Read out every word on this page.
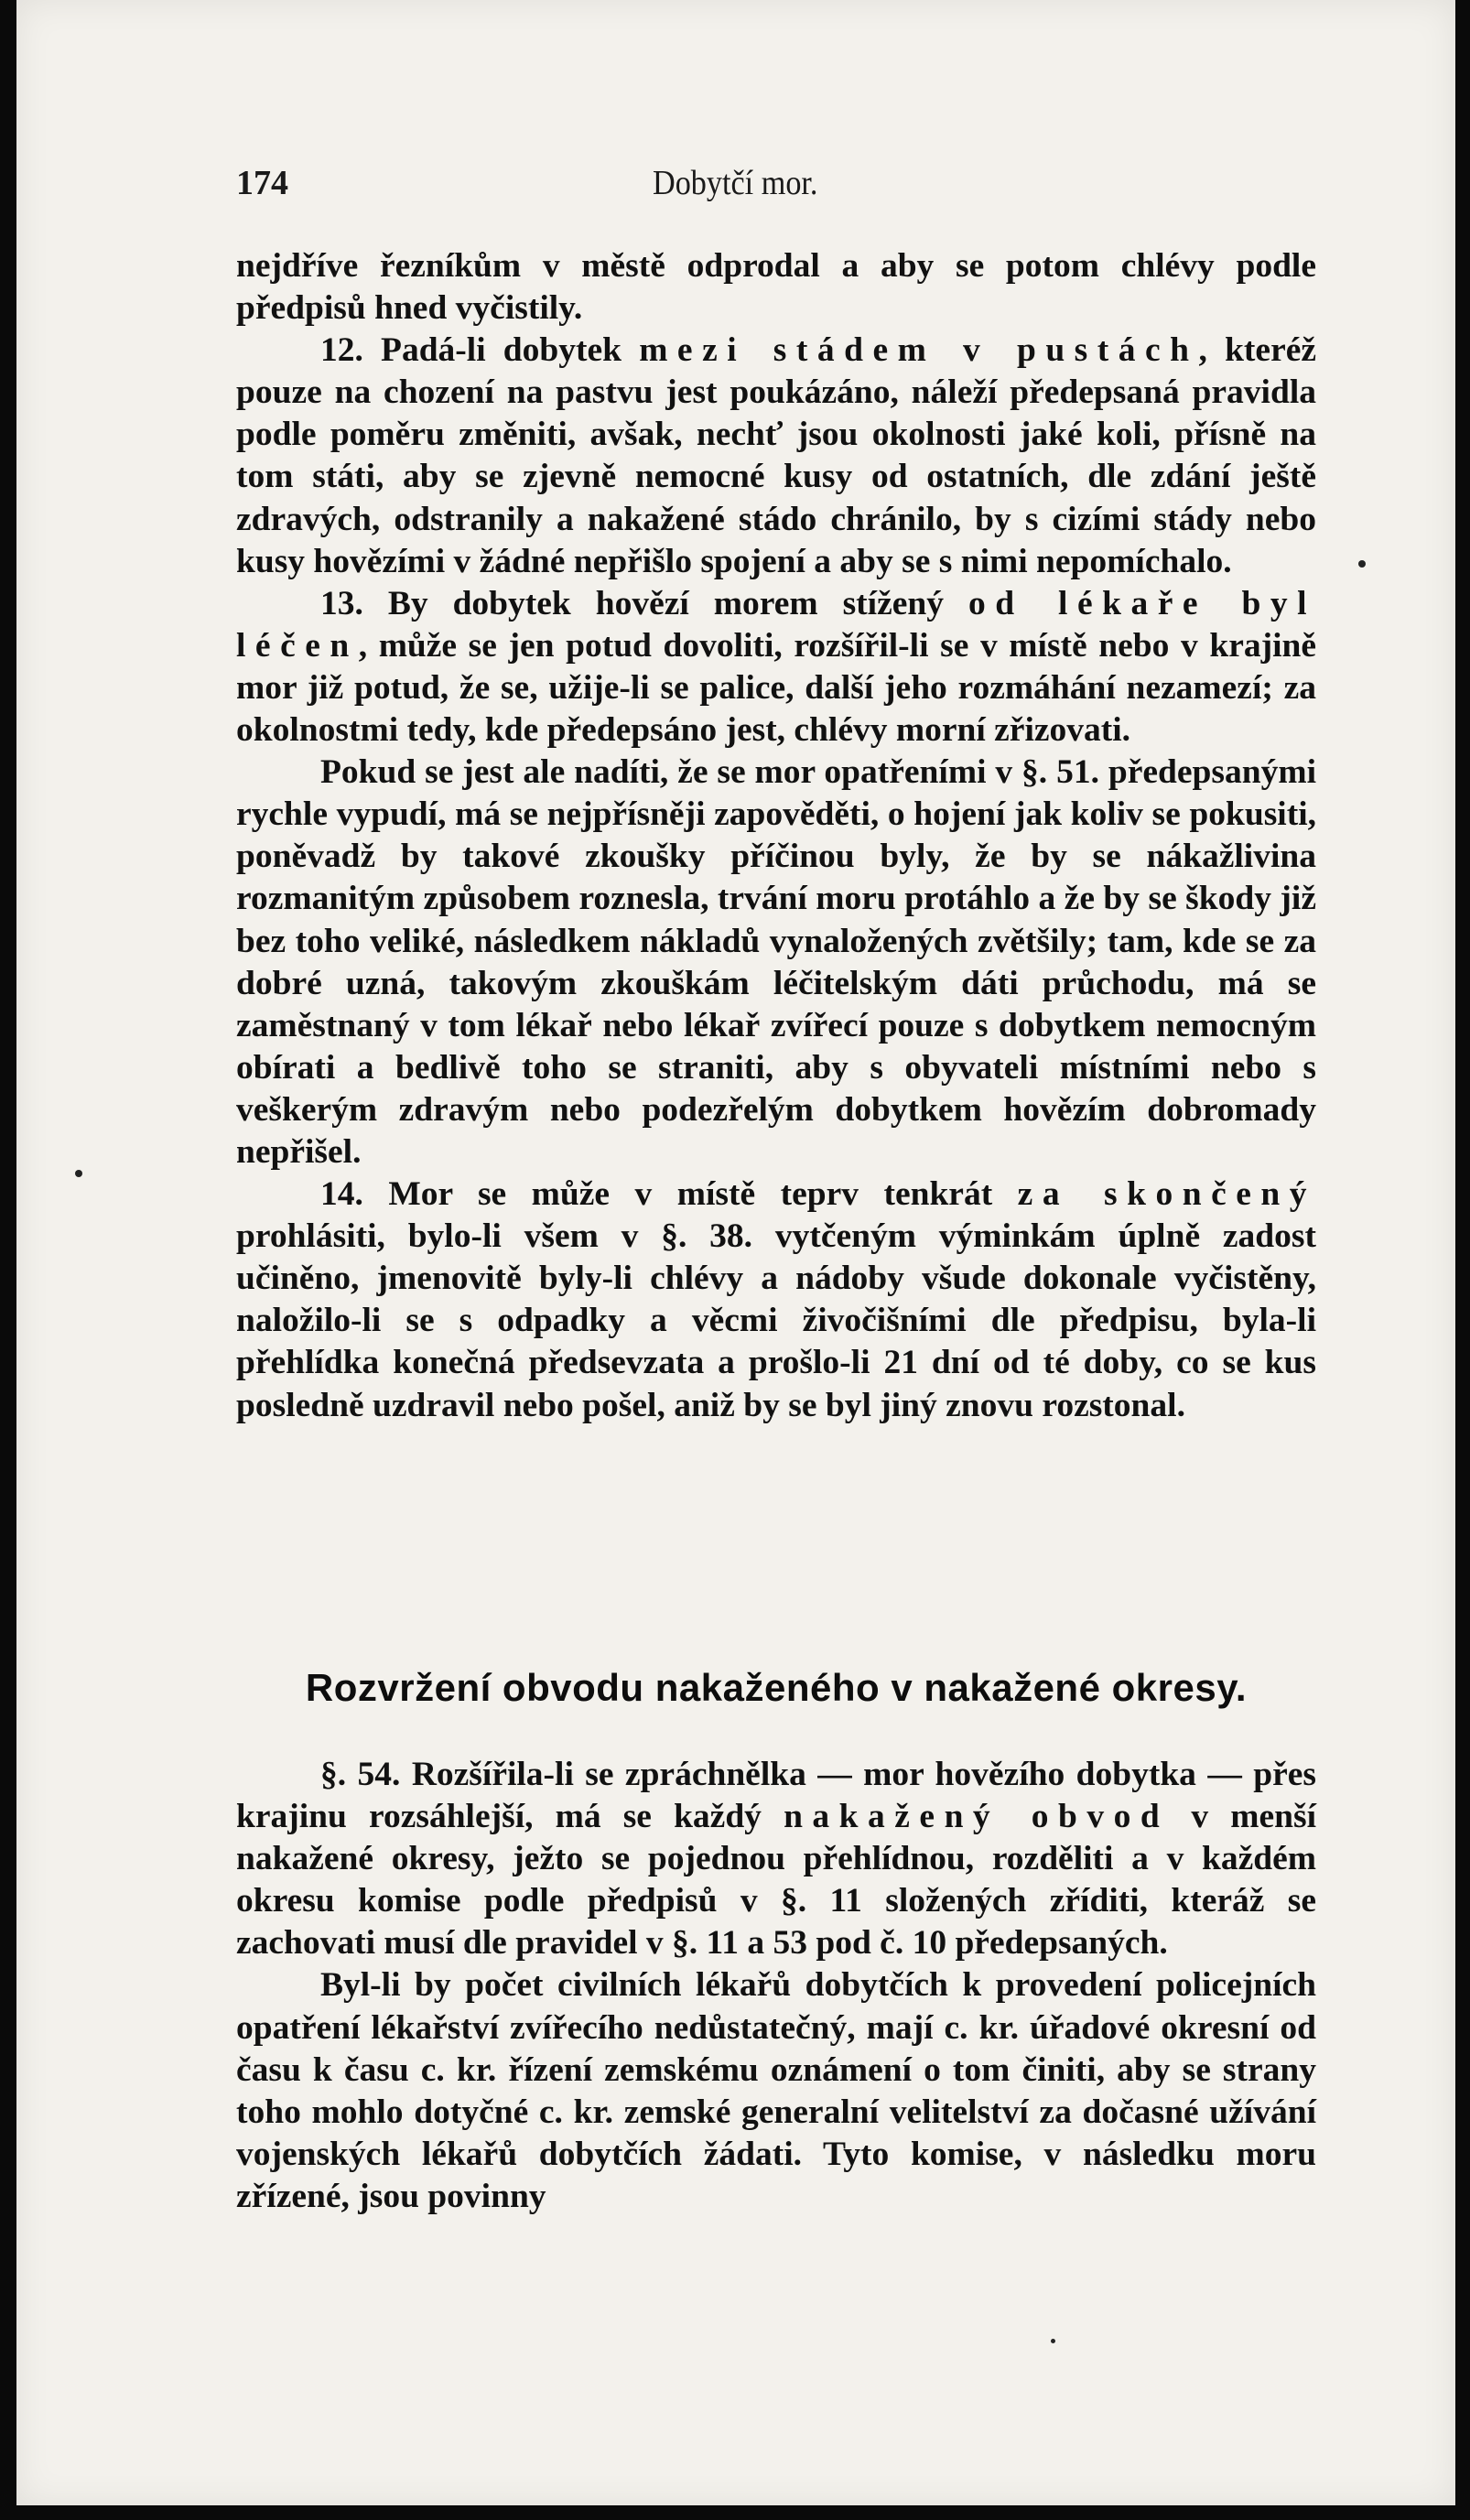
174	Dobytčí mor.

nejdříve řezníkům v městě odprodal a aby se potom chlévy podle předpisů hned vyčistily.

12. Padá-li dobytek mezi stádem v pustách, kteréž pouze na chození na pastvu jest poukázáno, náleží předepsaná pravidla podle poměru změniti, avšak, nechť jsou okolnosti jaké koli, přísně na tom státi, aby se zjevně nemocné kusy od ostatních, dle zdání ještě zdravých, odstranily a nakažené stádo chránilo, by s cizími stády nebo kusy hovězími v žádné nepřišlo spojení a aby se s nimi nepomíchalo.

13. By dobytek hovězí morem stížený od lékaře byl léčen, může se jen potud dovoliti, rozšířil-li se v místě nebo v krajině mor již potud, že se, užije-li se palice, další jeho rozmáhání nezamezí; za okolnostmi tedy, kde předepsáno jest, chlévy morní zřizovati.

Pokud se jest ale nadíti, že se mor opatřeními v §. 51. předepsanými rychle vypudí, má se nejpřísněji zapověděti, o hojení jak koliv se pokusiti, poněvadž by takové zkoušky příčinou byly, že by se nákažlivina rozmanitým způsobem roznesla, trvání moru protáhlo a že by se škody již bez toho veliké, následkem nákladů vynaložených zvětšily; tam, kde se za dobré uzná, takovým zkouškám léčitelským dáti průchodu, má se zaměstnaný v tom lékař nebo lékař zvířecí pouze s dobytkem nemocným obírati a bedlivě toho se straniti, aby s obyvateli místními nebo s veškerým zdravým nebo podezřelým dobytkem hovězím dobromady nepřišel.

14. Mor se může v místě teprv tenkrát za skončený prohlásiti, bylo-li všem v §. 38. vytčeným výminkám úplně zadost učiněno, jmenovitě byly-li chlévy a nádoby všude dokonale vyčistěny, naložilo-li se s odpadky a věcmi živočišními dle předpisu, byla-li přehlídka konečná předsevzata a prošlo-li 21 dní od té doby, co se kus posledně uzdravil nebo pošel, aniž by se byl jiný znovu rozstonal.

Rozvržení obvodu nakaženého v nakažené okresy.

§. 54. Rozšířila-li se zpráchnělka — mor hovězího dobytka — přes krajinu rozsáhlejší, má se každý nakažený obvod v menší nakažené okresy, ježto se pojednou přehlídnou, rozděliti a v každém okresu komise podle předpisů v §. 11 složených zříditi, kteráž se zachovati musí dle pravidel v §. 11 a 53 pod č. 10 předepsaných.

Byl-li by počet civilních lékařů dobytčích k provedení policejních opatření lékařství zvířecího nedůstatečný, mají c. kr. úřadové okresní od času k času c. kr. řízení zemskému oznámení o tom činiti, aby se strany toho mohlo dotyčné c. kr. zemské generalní velitelství za dočasné užívání vojenských lékařů dobytčích žádati. Tyto komise, v následku moru zřízené, jsou povinny
